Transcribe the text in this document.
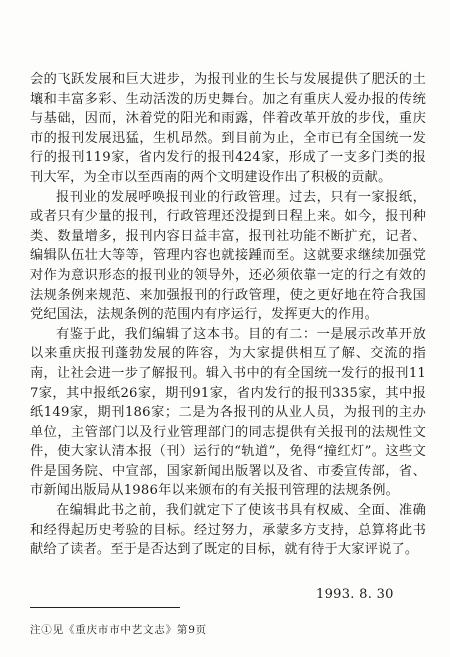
会的飞跃发展和巨大进步，为报刊业的生长与发展提供了肥沃的土壤和丰富多彩、生动活泼的历史舞台。加之有重庆人爱办报的传统与基础，因而，沐着党的阳光和雨露，伴着改革开放的步伐，重庆市的报刊发展迅猛，生机昂然。到目前为止，全市已有全国统一发行的报刊119家，省内发行的报刊424家，形成了一支多门类的报刊大军，为全市以至西南的两个文明建设作出了积极的贡献。

报刊业的发展呼唤报刊业的行政管理。过去，只有一家报纸，或者只有少量的报刊，行政管理还没提到日程上来。如今，报刊种类、数量增多，报刊内容日益丰富，报刊社功能不断扩充，记者、编辑队伍壮大等等，管理内容也就接踵而至。这就要求继续加强党对作为意识形态的报刊业的领导外，还必须依靠一定的行之有效的法规条例来规范、来加强报刊的行政管理，使之更好地在符合我国党纪国法，法规条例的范围内有序运行，发挥更大的作用。

有鉴于此，我们编辑了这本书。目的有二：一是展示改革开放以来重庆报刊蓬勃发展的阵容，为大家提供相互了解、交流的指南，让社会进一步了解报刊。辑入书中的有全国统一发行的报刊117家，其中报纸26家，期刊91家，省内发行的报刊335家，其中报纸149家，期刊186家；二是为各报刊的从业人员，为报刊的主办单位，主管部门以及行业管理部门的同志提供有关报刊的法规性文件，使大家认清本报（刊）运行的“轨道”，免得“撞红灯”。这些文件是国务院、中宣部，国家新闻出版署以及省、市委宣传部，省、市新闻出版局从1986年以来颁布的有关报刊管理的法规条例。

在编辑此书之前，我们就定下了使该书具有权威、全面、准确和经得起历史考验的目标。经过努力，承蒙多方支持，总算将此书献给了读者。至于是否达到了既定的目标，就有待于大家评说了。

1993. 8. 30
注①见《重庆市市中艺文志》第9页
